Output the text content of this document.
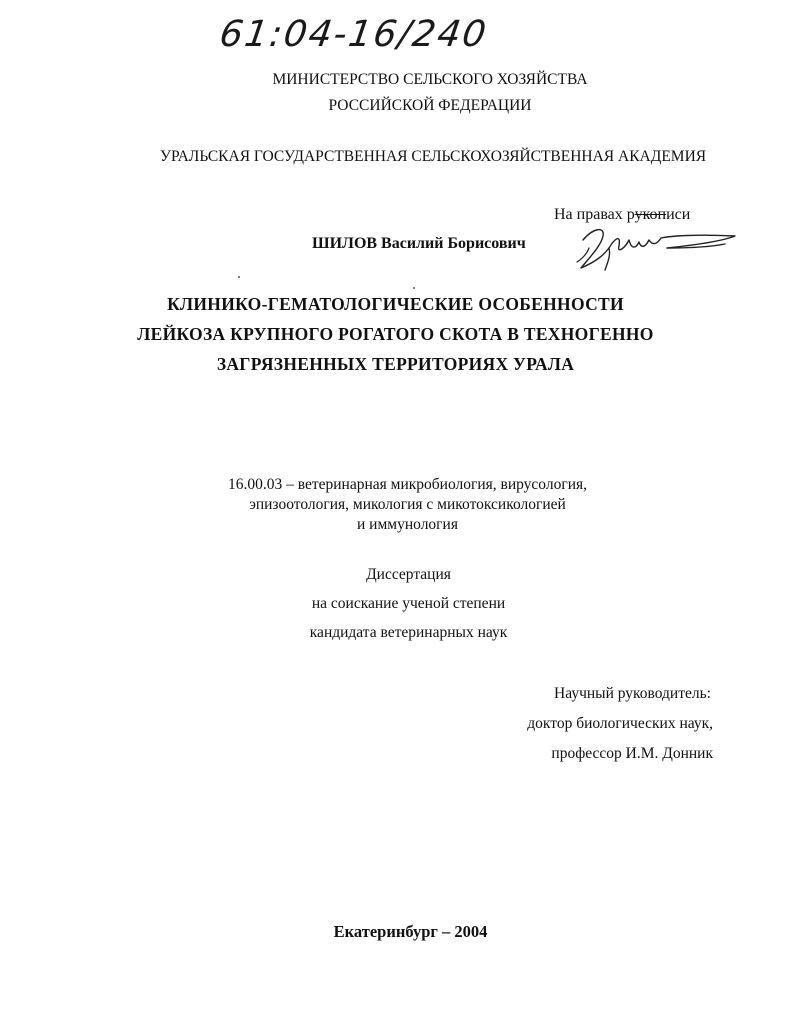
61:04-16/240
МИНИСТЕРСТВО СЕЛЬСКОГО ХОЗЯЙСТВА
РОССИЙСКОЙ ФЕДЕРАЦИИ
УРАЛЬСКАЯ ГОСУДАРСТВЕННАЯ СЕЛЬСКОХОЗЯЙСТВЕННАЯ АКАДЕМИЯ
На правах рукописи
ШИЛОВ Василий Борисович
КЛИНИКО-ГЕМАТОЛОГИЧЕСКИЕ ОСОБЕННОСТИ
ЛЕЙКОЗА КРУПНОГО РОГАТОГО СКОТА В ТЕХНОГЕННО
ЗАГРЯЗНЕННЫХ ТЕРРИТОРИЯХ УРАЛА
16.00.03 – ветеринарная микробиология, вирусология,
эпизоотология, микология с микотоксикологией
и иммунология
Диссертация
на соискание ученой степени
кандидата ветеринарных наук
Научный руководитель:
доктор биологических наук,
профессор И.М. Донник
Екатеринбург – 2004
